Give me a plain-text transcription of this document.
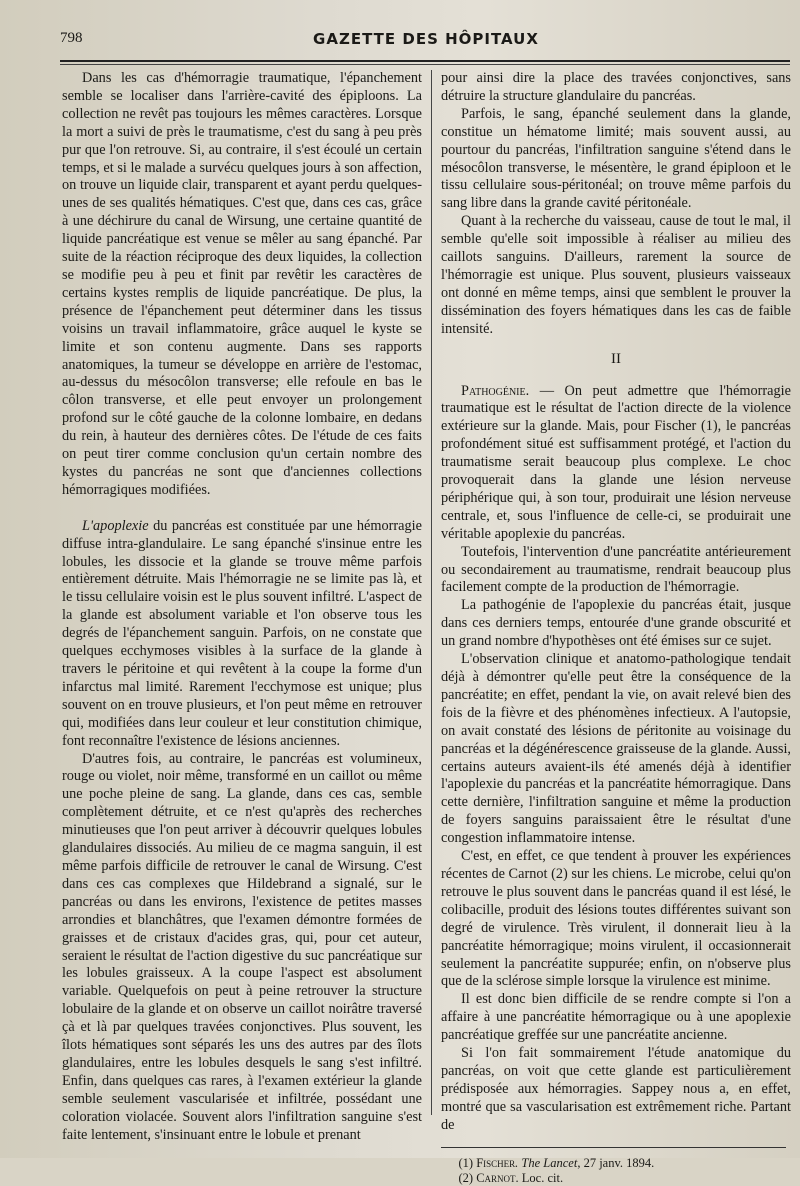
798	GAZETTE DES HÔPITAUX

Dans les cas d'hémorragie traumatique, l'épanchement semble se localiser dans l'arrière-cavité des épiploons. La collection ne revêt pas toujours les mêmes caractères. Lorsque la mort a suivi de près le traumatisme, c'est du sang à peu près pur que l'on retrouve. Si, au contraire, il s'est écoulé un certain temps, et si le malade a survécu quelques jours à son affection, on trouve un liquide clair, transparent et ayant perdu quelques-unes de ses qualités hématiques. C'est que, dans ces cas, grâce à une déchirure du canal de Wirsung, une certaine quantité de liquide pancréatique est venue se mêler au sang épanché. Par suite de la réaction réciproque des deux liquides, la collection se modifie peu à peu et finit par revêtir les caractères de certains kystes remplis de liquide pancréatique. De plus, la présence de l'épanchement peut déterminer dans les tissus voisins un travail inflammatoire, grâce auquel le kyste se limite et son contenu augmente. Dans ses rapports anatomiques, la tumeur se développe en arrière de l'estomac, au-dessus du mésocôlon transverse; elle refoule en bas le côlon transverse, et elle peut envoyer un prolongement profond sur le côté gauche de la colonne lombaire, en dedans du rein, à hauteur des dernières côtes. De l'étude de ces faits on peut tirer comme conclusion qu'un certain nombre des kystes du pancréas ne sont que d'anciennes collections hémorragiques modifiées.

L'apoplexie du pancréas est constituée par une hémorragie diffuse intra-glandulaire. Le sang épanché s'insinue entre les lobules, les dissocie et la glande se trouve même parfois entièrement détruite. Mais l'hémorragie ne se limite pas là, et le tissu cellulaire voisin est le plus souvent infiltré. L'aspect de la glande est absolument variable et l'on observe tous les degrés de l'épanchement sanguin. Parfois, on ne constate que quelques ecchymoses visibles à la surface de la glande à travers le péritoine et qui revêtent à la coupe la forme d'un infarctus mal limité. Rarement l'ecchymose est unique; plus souvent on en trouve plusieurs, et l'on peut même en retrouver qui, modifiées dans leur couleur et leur constitution chimique, font reconnaître l'existence de lésions anciennes.

D'autres fois, au contraire, le pancréas est volumineux, rouge ou violet, noir même, transformé en un caillot ou même une poche pleine de sang. La glande, dans ces cas, semble complètement détruite, et ce n'est qu'après des recherches minutieuses que l'on peut arriver à découvrir quelques lobules glandulaires dissociés. Au milieu de ce magma sanguin, il est même parfois difficile de retrouver le canal de Wirsung. C'est dans ces cas complexes que Hildebrand a signalé, sur le pancréas ou dans les environs, l'existence de petites masses arrondies et blanchâtres, que l'examen démontre formées de graisses et de cristaux d'acides gras, qui, pour cet auteur, seraient le résultat de l'action digestive du suc pancréatique sur les lobules graisseux. A la coupe l'aspect est absolument variable. Quelquefois on peut à peine retrouver la structure lobulaire de la glande et on observe un caillot noirâtre traversé çà et là par quelques travées conjonctives. Plus souvent, les îlots hématiques sont séparés les uns des autres par des îlots glandulaires, entre les lobules desquels le sang s'est infiltré. Enfin, dans quelques cas rares, à l'examen extérieur la glande semble seulement vascularisée et infiltrée, possédant une coloration violacée. Souvent alors l'infiltration sanguine s'est faite lentement, s'insinuant entre le lobule et prenant

pour ainsi dire la place des travées conjonctives, sans détruire la structure glandulaire du pancréas.

Parfois, le sang, épanché seulement dans la glande, constitue un hématome limité; mais souvent aussi, au pourtour du pancréas, l'infiltration sanguine s'étend dans le mésocôlon transverse, le mésentère, le grand épiploon et le tissu cellulaire sous-péritonéal; on trouve même parfois du sang libre dans la grande cavité péritonéale.

Quant à la recherche du vaisseau, cause de tout le mal, il semble qu'elle soit impossible à réaliser au milieu des caillots sanguins. D'ailleurs, rarement la source de l'hémorragie est unique. Plus souvent, plusieurs vaisseaux ont donné en même temps, ainsi que semblent le prouver la dissémination des foyers hématiques dans les cas de faible intensité.

II

Pathogénie. — On peut admettre que l'hémorragie traumatique est le résultat de l'action directe de la violence extérieure sur la glande. Mais, pour Fischer (1), le pancréas profondément situé est suffisamment protégé, et l'action du traumatisme serait beaucoup plus complexe. Le choc provoquerait dans la glande une lésion nerveuse périphérique qui, à son tour, produirait une lésion nerveuse centrale, et, sous l'influence de celle-ci, se produirait une véritable apoplexie du pancréas.

Toutefois, l'intervention d'une pancréatite antérieurement ou secondairement au traumatisme, rendrait beaucoup plus facilement compte de la production de l'hémorragie.

La pathogénie de l'apoplexie du pancréas était, jusque dans ces derniers temps, entourée d'une grande obscurité et un grand nombre d'hypothèses ont été émises sur ce sujet.

L'observation clinique et anatomo-pathologique tendait déjà à démontrer qu'elle peut être la conséquence de la pancréatite; en effet, pendant la vie, on avait relevé bien des fois de la fièvre et des phénomènes infectieux. A l'autopsie, on avait constaté des lésions de péritonite au voisinage du pancréas et la dégénérescence graisseuse de la glande. Aussi, certains auteurs avaient-ils été amenés déjà à identifier l'apoplexie du pancréas et la pancréatite hémorragique. Dans cette dernière, l'infiltration sanguine et même la production de foyers sanguins paraissaient être le résultat d'une congestion inflammatoire intense.

C'est, en effet, ce que tendent à prouver les expériences récentes de Carnot (2) sur les chiens. Le microbe, celui qu'on retrouve le plus souvent dans le pancréas quand il est lésé, le colibacille, produit des lésions toutes différentes suivant son degré de virulence. Très virulent, il donnerait lieu à la pancréatite hémorragique; moins virulent, il occasionnerait seulement la pancréatite suppurée; enfin, on n'observe plus que de la sclérose simple lorsque la virulence est minime.

Il est donc bien difficile de se rendre compte si l'on a affaire à une pancréatite hémorragique ou à une apoplexie pancréatique greffée sur une pancréatite ancienne.

Si l'on fait sommairement l'étude anatomique du pancréas, on voit que cette glande est particulièrement prédisposée aux hémorragies. Sappey nous a, en effet, montré que sa vascularisation est extrêmement riche. Partant de

(1) Fischer. The Lancet, 27 janv. 1894.

(2) Carnot. Loc. cit.
